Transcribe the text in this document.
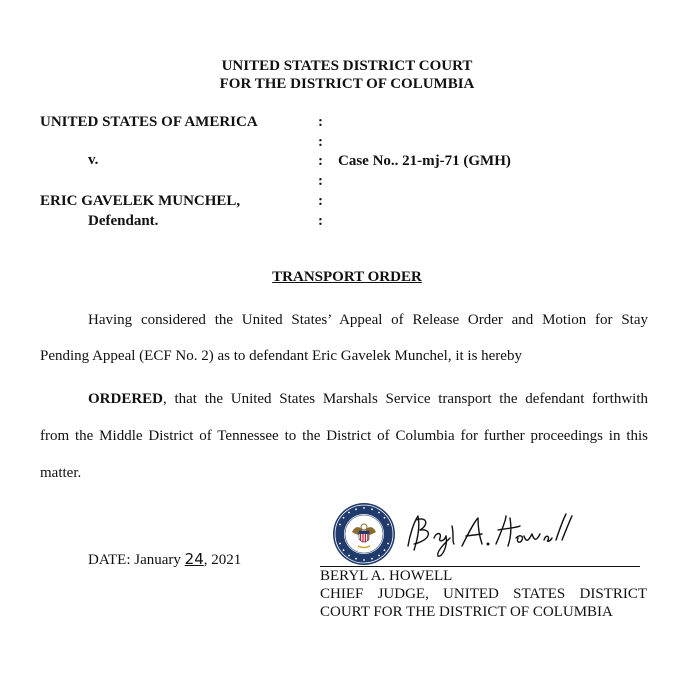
UNITED STATES DISTRICT COURT
FOR THE DISTRICT OF COLUMBIA
UNITED STATES OF AMERICA
v.
ERIC GAVELEK MUNCHEL,
Defendant.
:
:
:
:
:
:
Case No.. 21-mj-71 (GMH)
TRANSPORT ORDER
Having considered the United States’ Appeal of Release Order and Motion for Stay
Pending Appeal (ECF No. 2) as to defendant Eric Gavelek Munchel, it is hereby
ORDERED , that the United States Marshals Service transport the defendant forthwith
from the Middle District of Tennessee to the District of Columbia for further proceedings in this
matter.
DATE: January 24, 2021
BERYL A. HOWELL
CHIEF JUDGE, UNITED STATES DISTRICT
COURT FOR THE DISTRICT OF COLUMBIA
